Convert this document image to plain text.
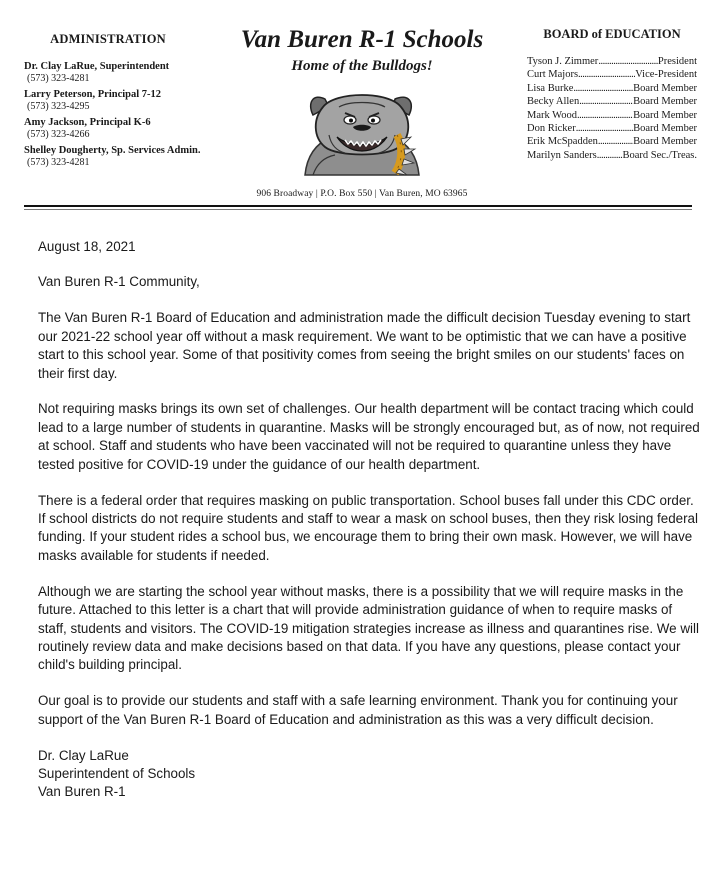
ADMINISTRATION
Dr. Clay LaRue, Superintendent
(573) 323-4281
Larry Peterson, Principal 7-12
(573) 323-4295
Amy Jackson, Principal K-6
(573) 323-4266
Shelley Dougherty, Sp. Services Admin.
(573) 323-4281
Van Buren R-1 Schools
Home of the Bulldogs!
906 Broadway | P.O. Box 550 | Van Buren, MO 63965
BOARD of EDUCATION
Tyson J. Zimmer .....	President
Curt Majors .....	Vice-President
Lisa Burke .....	Board Member
Becky Allen .....	Board Member
Mark Wood .....	Board Member
Don Ricker .....	Board Member
Erik McSpadden .....	Board Member
Marilyn Sanders ..... Board Sec./Treas.

August 18, 2021

Van Buren R-1 Community,

The Van Buren R-1 Board of Education and administration made the difficult decision Tuesday evening to start our 2021-22 school year off without a mask requirement. We want to be optimistic that we can have a positive start to this school year. Some of that positivity comes from seeing the bright smiles on our students' faces on their first day.

Not requiring masks brings its own set of challenges. Our health department will be contact tracing which could lead to a large number of students in quarantine. Masks will be strongly encouraged but, as of now, not required at school. Staff and students who have been vaccinated will not be required to quarantine unless they have tested positive for COVID-19 under the guidance of our health department.

There is a federal order that requires masking on public transportation. School buses fall under this CDC order. If school districts do not require students and staff to wear a mask on school buses, then they risk losing federal funding. If your student rides a school bus, we encourage them to bring their own mask. However, we will have masks available for students if needed.

Although we are starting the school year without masks, there is a possibility that we will require masks in the future. Attached to this letter is a chart that will provide administration guidance of when to require masks of staff, students and visitors. The COVID-19 mitigation strategies increase as illness and quarantines rise. We will routinely review data and make decisions based on that data. If you have any questions, please contact your child's building principal.

Our goal is to provide our students and staff with a safe learning environment. Thank you for continuing your support of the Van Buren R-1 Board of Education and administration as this was a very difficult decision.

Dr. Clay LaRue
Superintendent of Schools
Van Buren R-1
